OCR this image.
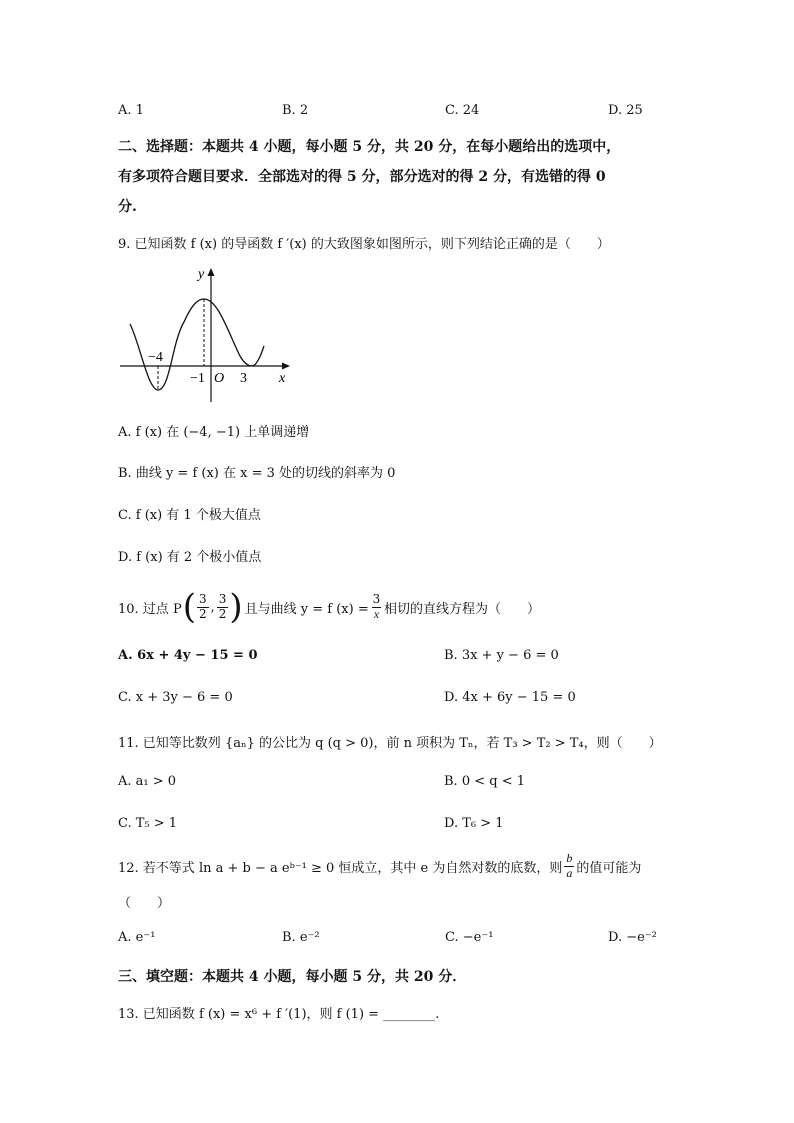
A. 1	B. 2	C. 24	D. 25
二、选择题：本题共 4 小题，每小题 5 分，共 20 分，在每小题给出的选项中，
有多项符合题目要求．全部选对的得 5 分，部分选对的得 2 分，有选错的得 0
分.
9. 已知函数 f (x) 的导函数 f ′(x) 的大致图象如图所示，则下列结论正确的是（　　）
y
x
O
−4
−1	3
A. f (x) 在 (−4, −1) 上单调递增
B. 曲线 y = f (x) 在 x = 3 处的切线的斜率为 0
C. f (x) 有 1 个极大值点
D. f (x) 有 2 个极小值点
10. 过点 P ( $\frac{3}{2}$ , $\frac{3}{2}$ ) 且与曲线 y = f $(x) = \frac{3}{x}$ 相切的直线方程为（　　）
A. 6x + 4y − 15 = 0	B. 3x + y − 6 = 0
C. x + 3y − 6 = 0	D. 4x + 6y − 15 = 0
11. 已知等比数列 {aₙ} 的公比为 q (q > 0)，前 n 项积为 Tₙ，若 T₃ > T₂ > T₄，则（　　）
A. a₁ > 0	B. 0 < q < 1
C. T₅ > 1	D. T₆ > 1
12. 若不等式 ln a + b − a eᵇ⁻¹ ≥ 0 恒成立，其中 e 为自然对数的底数，则 $\frac{b}{a}$ 的值可能为
（　　）
A. e⁻¹	B. e⁻²	C. −e⁻¹	D. −e⁻²
三、填空题：本题共 4 小题，每小题 5 分，共 20 分．
13. 已知函数 f (x) = x⁶ + f ′(1)，则 f (1) = ________.
